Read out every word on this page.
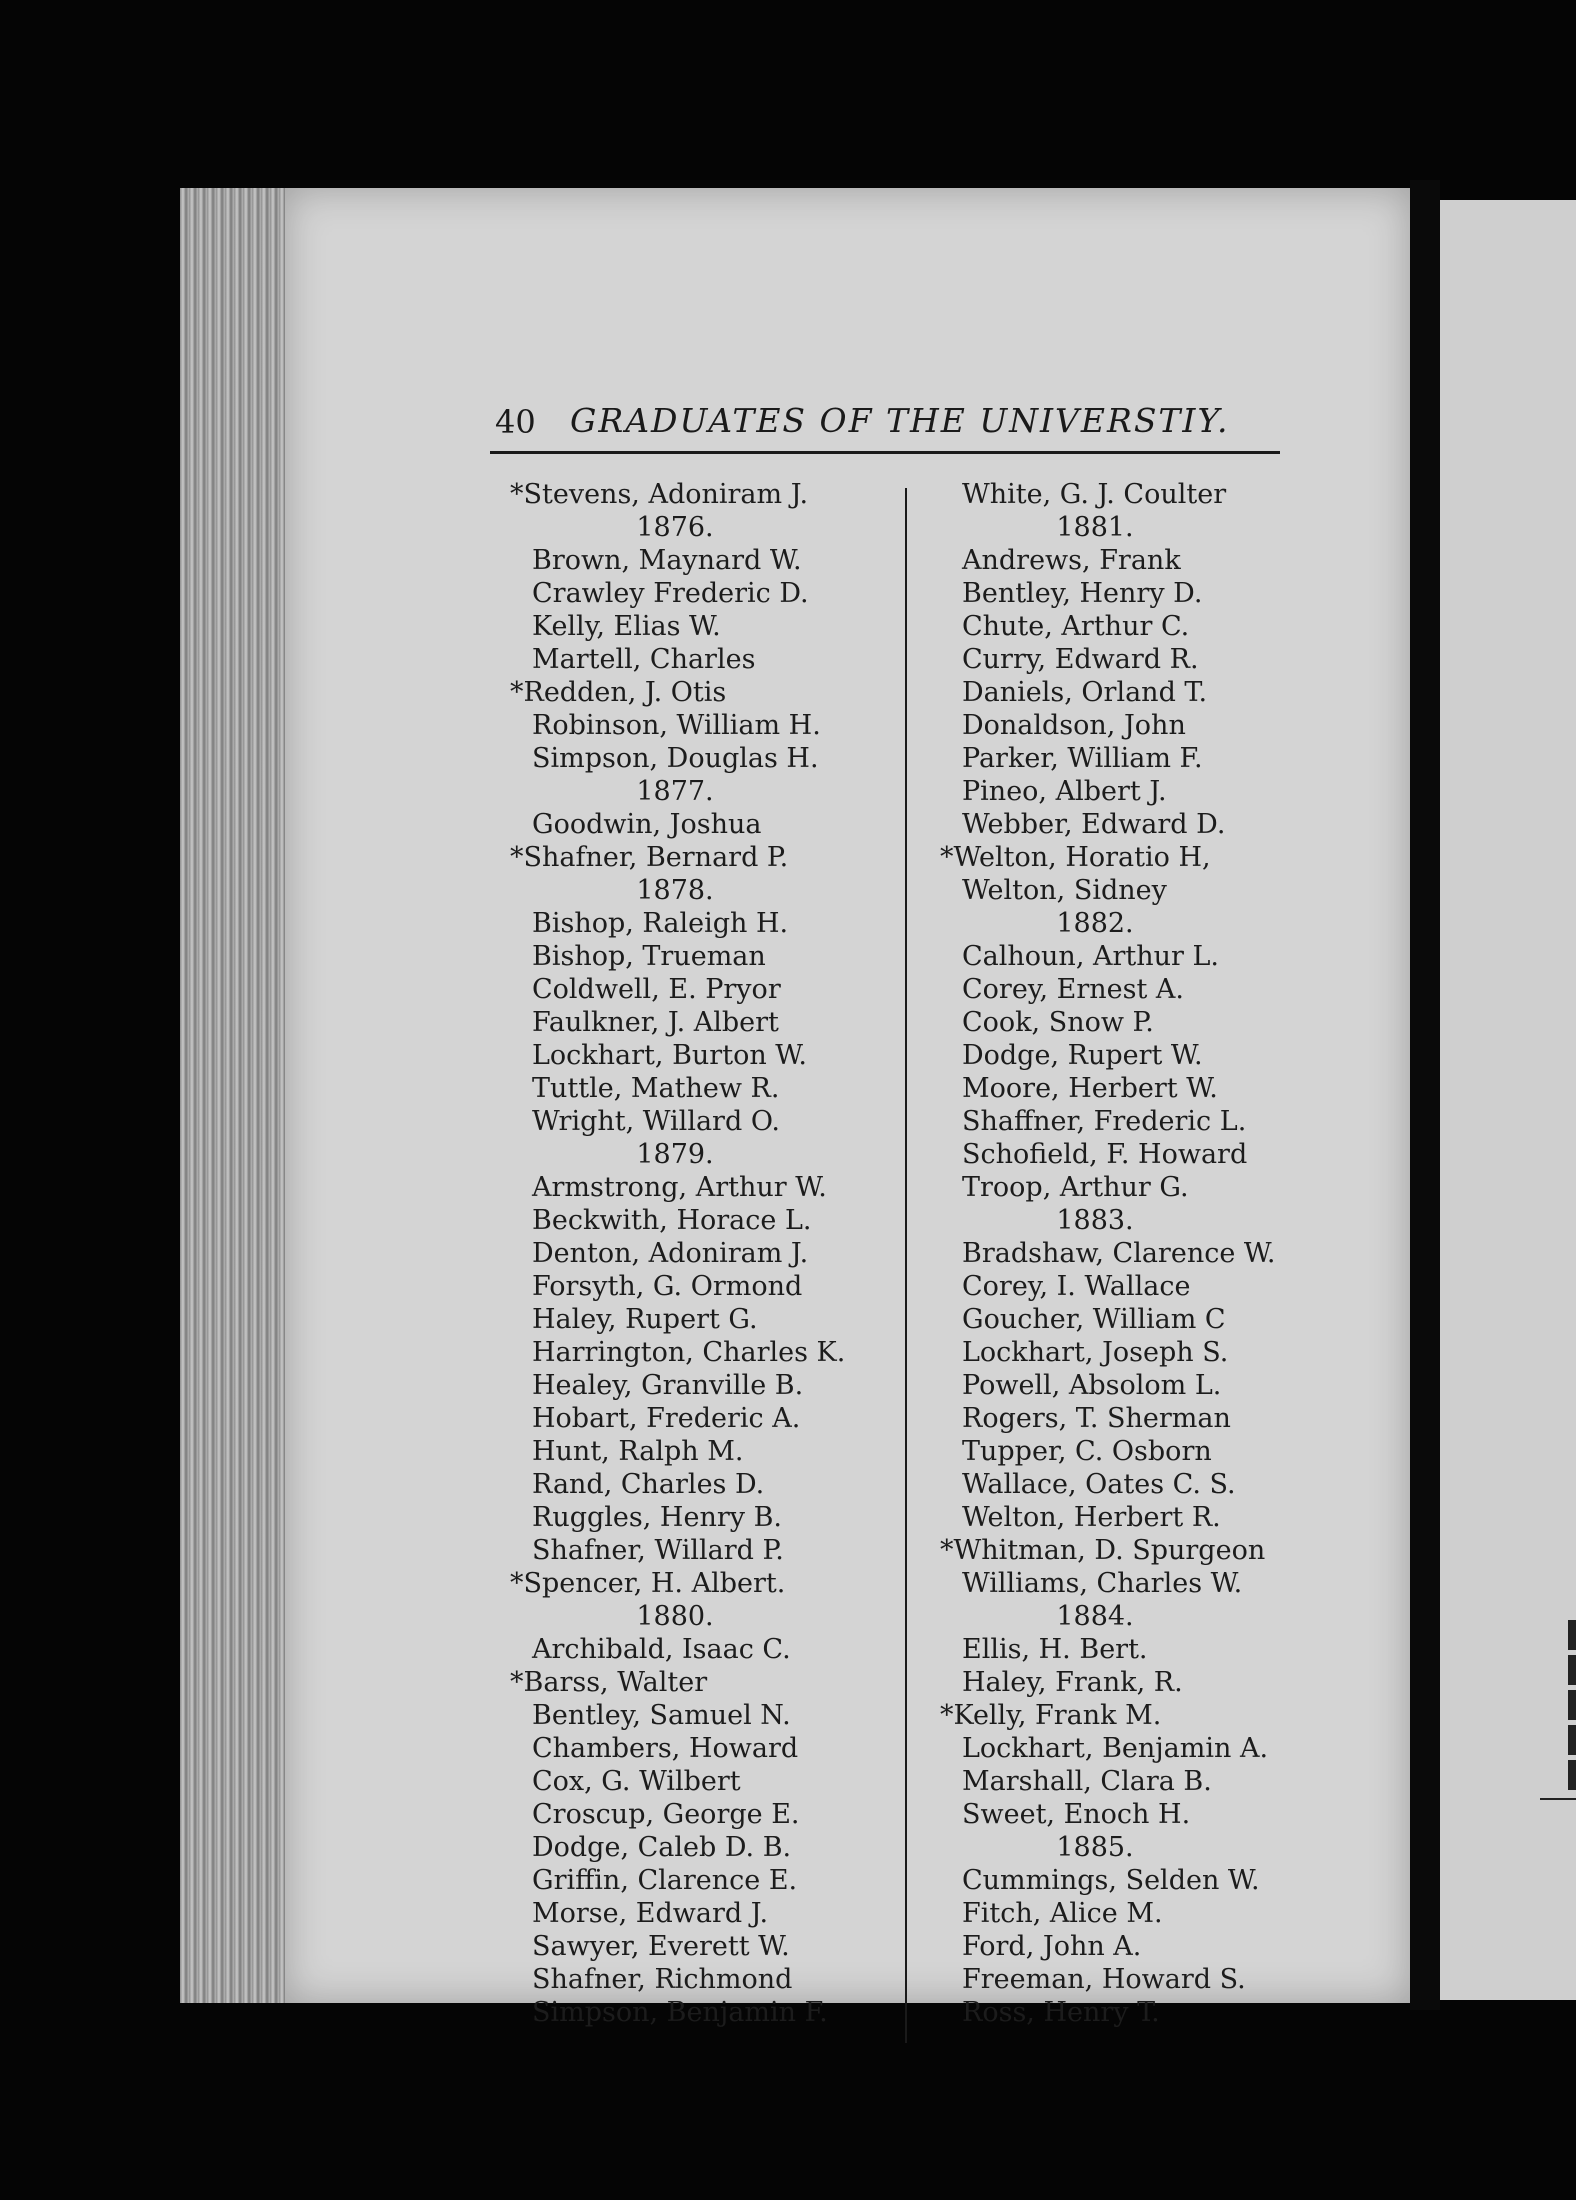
40 GRADUATES OF THE UNIVERSTIY.
*Stevens, Adoniram J.
1876.
Brown, Maynard W.
Crawley Frederic D.
Kelly, Elias W.
Martell, Charles
*Redden, J. Otis
Robinson, William H.
Simpson, Douglas H.
1877.
Goodwin, Joshua
*Shafner, Bernard P.
1878.
Bishop, Raleigh H.
Bishop, Trueman
Coldwell, E. Pryor
Faulkner, J. Albert
Lockhart, Burton W.
Tuttle, Mathew R.
Wright, Willard O.
1879.
Armstrong, Arthur W.
Beckwith, Horace L.
Denton, Adoniram J.
Forsyth, G. Ormond
Haley, Rupert G.
Harrington, Charles K.
Healey, Granville B.
Hobart, Frederic A.
Hunt, Ralph M.
Rand, Charles D.
Ruggles, Henry B.
Shafner, Willard P.
*Spencer, H. Albert.
1880.
Archibald, Isaac C.
*Barss, Walter
Bentley, Samuel N.
Chambers, Howard
Cox, G. Wilbert
Croscup, George E.
Dodge, Caleb D. B.
Griffin, Clarence E.
Morse, Edward J.
Sawyer, Everett W.
Shafner, Richmond
Simpson, Benjamin F.
White, G. J. Coulter
1881.
Andrews, Frank
Bentley, Henry D.
Chute, Arthur C.
Curry, Edward R.
Daniels, Orland T.
Donaldson, John
Parker, William F.
Pineo, Albert J.
Webber, Edward D.
*Welton, Horatio H,
Welton, Sidney
1882.
Calhoun, Arthur L.
Corey, Ernest A.
Cook, Snow P.
Dodge, Rupert W.
Moore, Herbert W.
Shaffner, Frederic L.
Schofield, F. Howard
Troop, Arthur G.
1883.
Bradshaw, Clarence W.
Corey, I. Wallace
Goucher, William C
Lockhart, Joseph S.
Powell, Absolom L.
Rogers, T. Sherman
Tupper, C. Osborn
Wallace, Oates C. S.
Welton, Herbert R.
*Whitman, D. Spurgeon
Williams, Charles W.
1884.
Ellis, H. Bert.
Haley, Frank, R.
*Kelly, Frank M.
Lockhart, Benjamin A.
Marshall, Clara B.
Sweet, Enoch H.
1885.
Cummings, Selden W.
Fitch, Alice M.
Ford, John A.
Freeman, Howard S.
Ross, Henry T.
